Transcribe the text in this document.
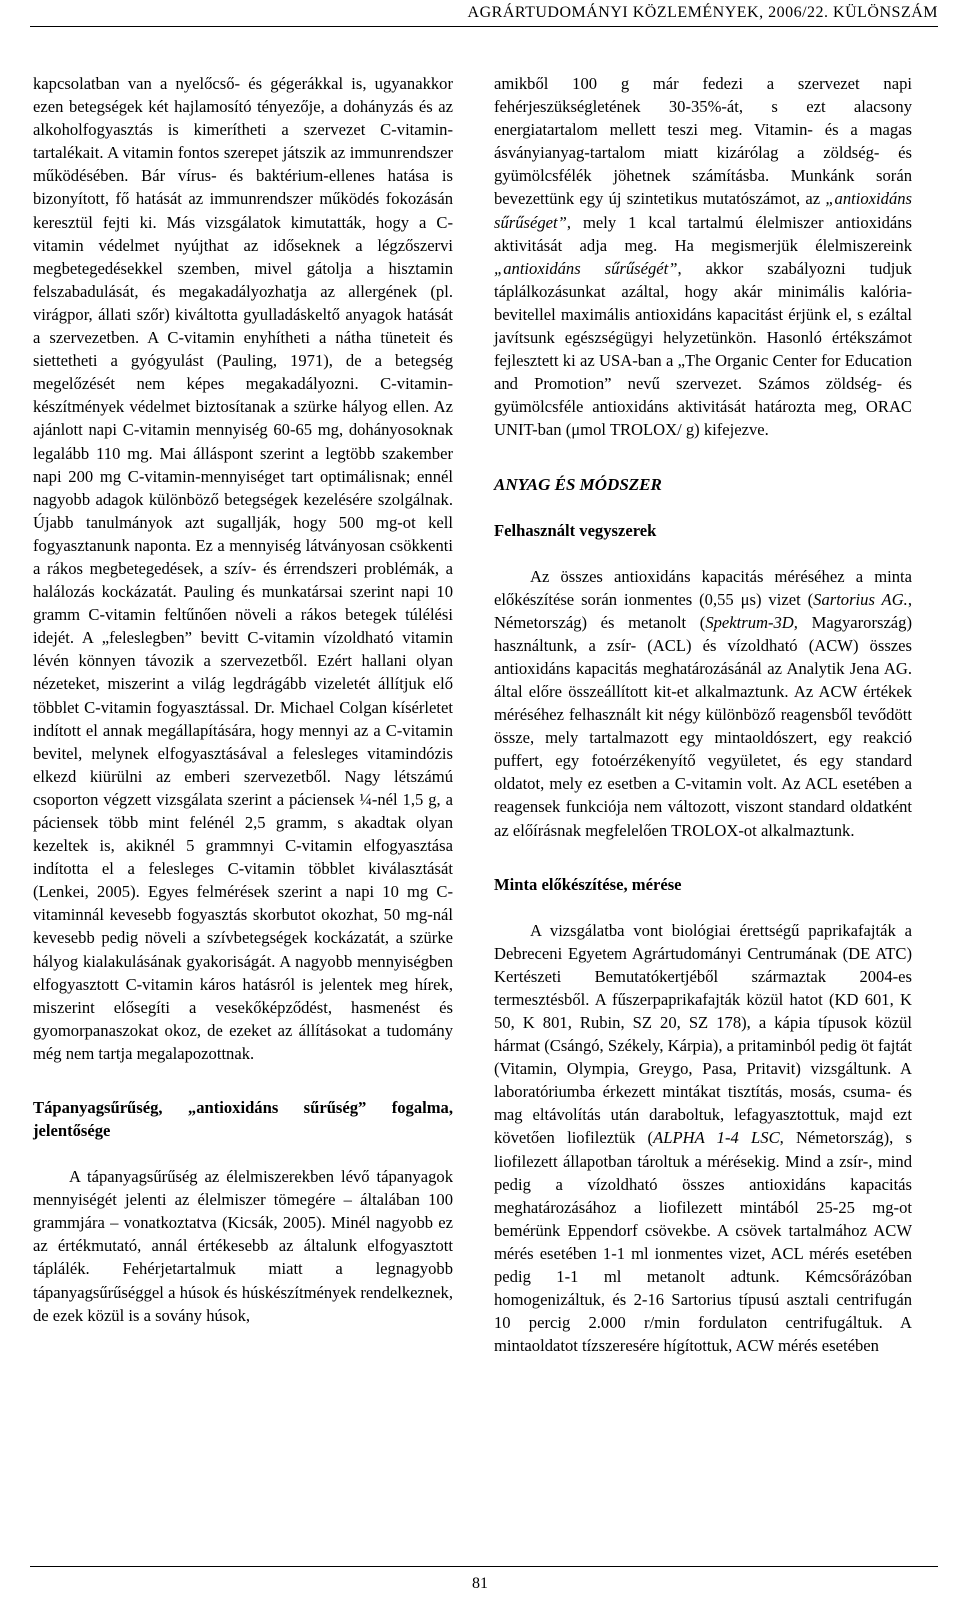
AGRÁRTUDOMÁNYI KÖZLEMÉNYEK, 2006/22. KÜLÖNSZÁM

kapcsolatban van a nyelőcső- és gégerákkal is, ugyanakkor ezen betegségek két hajlamosító tényezője, a dohányzás és az alkoholfogyasztás is kimerítheti a szervezet C-vitamin-tartalékait. A vitamin fontos szerepet játszik az immunrendszer működésében. Bár vírus- és baktérium-ellenes hatása is bizonyított, fő hatását az immunrendszer működés fokozásán keresztül fejti ki. Más vizsgálatok kimutatták, hogy a C-vitamin védelmet nyújthat az időseknek a légzőszervi megbetegedésekkel szemben, mivel gátolja a hisztamin felszabadulását, és megakadályozhatja az allergének (pl. virágpor, állati szőr) kiváltotta gyulladáskeltő anyagok hatását a szervezetben. A C-vitamin enyhítheti a nátha tüneteit és siettetheti a gyógyulást (Pauling, 1971), de a betegség megelőzését nem képes megakadályozni. C-vitamin-készítmények védelmet biztosítanak a szürke hályog ellen. Az ajánlott napi C-vitamin mennyiség 60-65 mg, dohányosoknak legalább 110 mg. Mai álláspont szerint a legtöbb szakember napi 200 mg C-vitamin-mennyiséget tart optimálisnak; ennél nagyobb adagok különböző betegségek kezelésére szolgálnak. Újabb tanulmányok azt sugallják, hogy 500 mg-ot kell fogyasztanunk naponta. Ez a mennyiség látványosan csökkenti a rákos megbetegedések, a szív- és érrendszeri problémák, a halálozás kockázatát. Pauling és munkatársai szerint napi 10 gramm C-vitamin feltűnően növeli a rákos betegek túlélési idejét. A „feleslegben” bevitt C-vitamin vízoldható vitamin lévén könnyen távozik a szervezetből. Ezért hallani olyan nézeteket, miszerint a világ legdrágább vizeletét állítjuk elő többlet C-vitamin fogyasztással. Dr. Michael Colgan kísérletet indított el annak megállapítására, hogy mennyi az a C-vitamin bevitel, melynek elfogyasztásával a felesleges vitamindózis elkezd kiürülni az emberi szervezetből. Nagy létszámú csoporton végzett vizsgálata szerint a páciensek ¼-nél 1,5 g, a páciensek több mint felénél 2,5 gramm, s akadtak olyan kezeltek is, akiknél 5 grammnyi C-vitamin elfogyasztása indította el a felesleges C-vitamin többlet kiválasztását (Lenkei, 2005). Egyes felmérések szerint a napi 10 mg C-vitaminnál kevesebb fogyasztás skorbutot okozhat, 50 mg-nál kevesebb pedig növeli a szívbetegségek kockázatát, a szürke hályog kialakulásának gyakoriságát. A nagyobb mennyiségben elfogyasztott C-vitamin káros hatásról is jelentek meg hírek, miszerint elősegíti a vesekőképződést, hasmenést és gyomorpanaszokat okoz, de ezeket az állításokat a tudomány még nem tartja megalapozottnak.

Tápanyagsűrűség, „antioxidáns sűrűség” fogalma, jelentősége

A tápanyagsűrűség az élelmiszerekben lévő tápanyagok mennyiségét jelenti az élelmiszer tömegére – általában 100 grammjára – vonatkoztatva (Kicsák, 2005). Minél nagyobb ez az értékmutató, annál értékesebb az általunk elfogyasztott táplálék. Fehérjetartalmuk miatt a legnagyobb tápanyagsűrűséggel a húsok és húskészítmények rendelkeznek, de ezek közül is a sovány húsok,

amikből 100 g már fedezi a szervezet napi fehérjeszükségletének 30-35%-át, s ezt alacsony energiatartalom mellett teszi meg. Vitamin- és a magas ásványianyag-tartalom miatt kizárólag a zöldség- és gyümölcsfélék jöhetnek számításba. Munkánk során bevezettünk egy új szintetikus mutatószámot, az „antioxidáns sűrűséget”, mely 1 kcal tartalmú élelmiszer antioxidáns aktivitását adja meg. Ha megismerjük élelmiszereink „antioxidáns sűrűségét”, akkor szabályozni tudjuk táplálkozásunkat azáltal, hogy akár minimális kalória-bevitellel maximális antioxidáns kapacitást érjünk el, s ezáltal javítsunk egészségügyi helyzetünkön. Hasonló értékszámot fejlesztett ki az USA-ban a „The Organic Center for Education and Promotion” nevű szervezet. Számos zöldség- és gyümölcsféle antioxidáns aktivitását határozta meg, ORAC UNIT-ban (μmol TROLOX/ g) kifejezve.

ANYAG ÉS MÓDSZER
Felhasznált vegyszerek

Az összes antioxidáns kapacitás méréséhez a minta előkészítése során ionmentes (0,55 μs) vizet (Sartorius AG., Németország) és metanolt (Spektrum-3D, Magyarország) használtunk, a zsír- (ACL) és vízoldható (ACW) összes antioxidáns kapacitás meghatározásánál az Analytik Jena AG. által előre összeállított kit-et alkalmaztunk. Az ACW értékek méréséhez felhasznált kit négy különböző reagensből tevődött össze, mely tartalmazott egy mintaoldószert, egy reakció puffert, egy fotoérzékenyítő vegyületet, és egy standard oldatot, mely ez esetben a C-vitamin volt. Az ACL esetében a reagensek funkciója nem változott, viszont standard oldatként az előírásnak megfelelően TROLOX-ot alkalmaztunk.

Minta előkészítése, mérése

A vizsgálatba vont biológiai érettségű paprikafajták a Debreceni Egyetem Agrártudományi Centrumának (DE ATC) Kertészeti Bemutatókertjéből származtak 2004-es termesztésből. A fűszerpaprikafajták közül hatot (KD 601, K 50, K 801, Rubin, SZ 20, SZ 178), a kápia típusok közül hármat (Csángó, Székely, Kárpia), a pritaminból pedig öt fajtát (Vitamin, Olympia, Greygo, Pasa, Pritavit) vizsgáltunk. A laboratóriumba érkezett mintákat tisztítás, mosás, csuma- és mag eltávolítás után daraboltuk, lefagyasztottuk, majd ezt követően liofileztük (ALPHA 1-4 LSC, Németország), s liofilezett állapotban tároltuk a mérésekig. Mind a zsír-, mind pedig a vízoldható összes antioxidáns kapacitás meghatározásához a liofilezett mintából 25-25 mg-ot bemérünk Eppendorf csövekbe. A csövek tartalmához ACW mérés esetében 1-1 ml ionmentes vizet, ACL mérés esetében pedig 1-1 ml metanolt adtunk. Kémcsőrázóban homogenizáltuk, és 2-16 Sartorius típusú asztali centrifugán 10 percig 2.000 r/min fordulaton centrifugáltuk. A mintaoldatot tízszeresére hígítottuk, ACW mérés esetében

81
